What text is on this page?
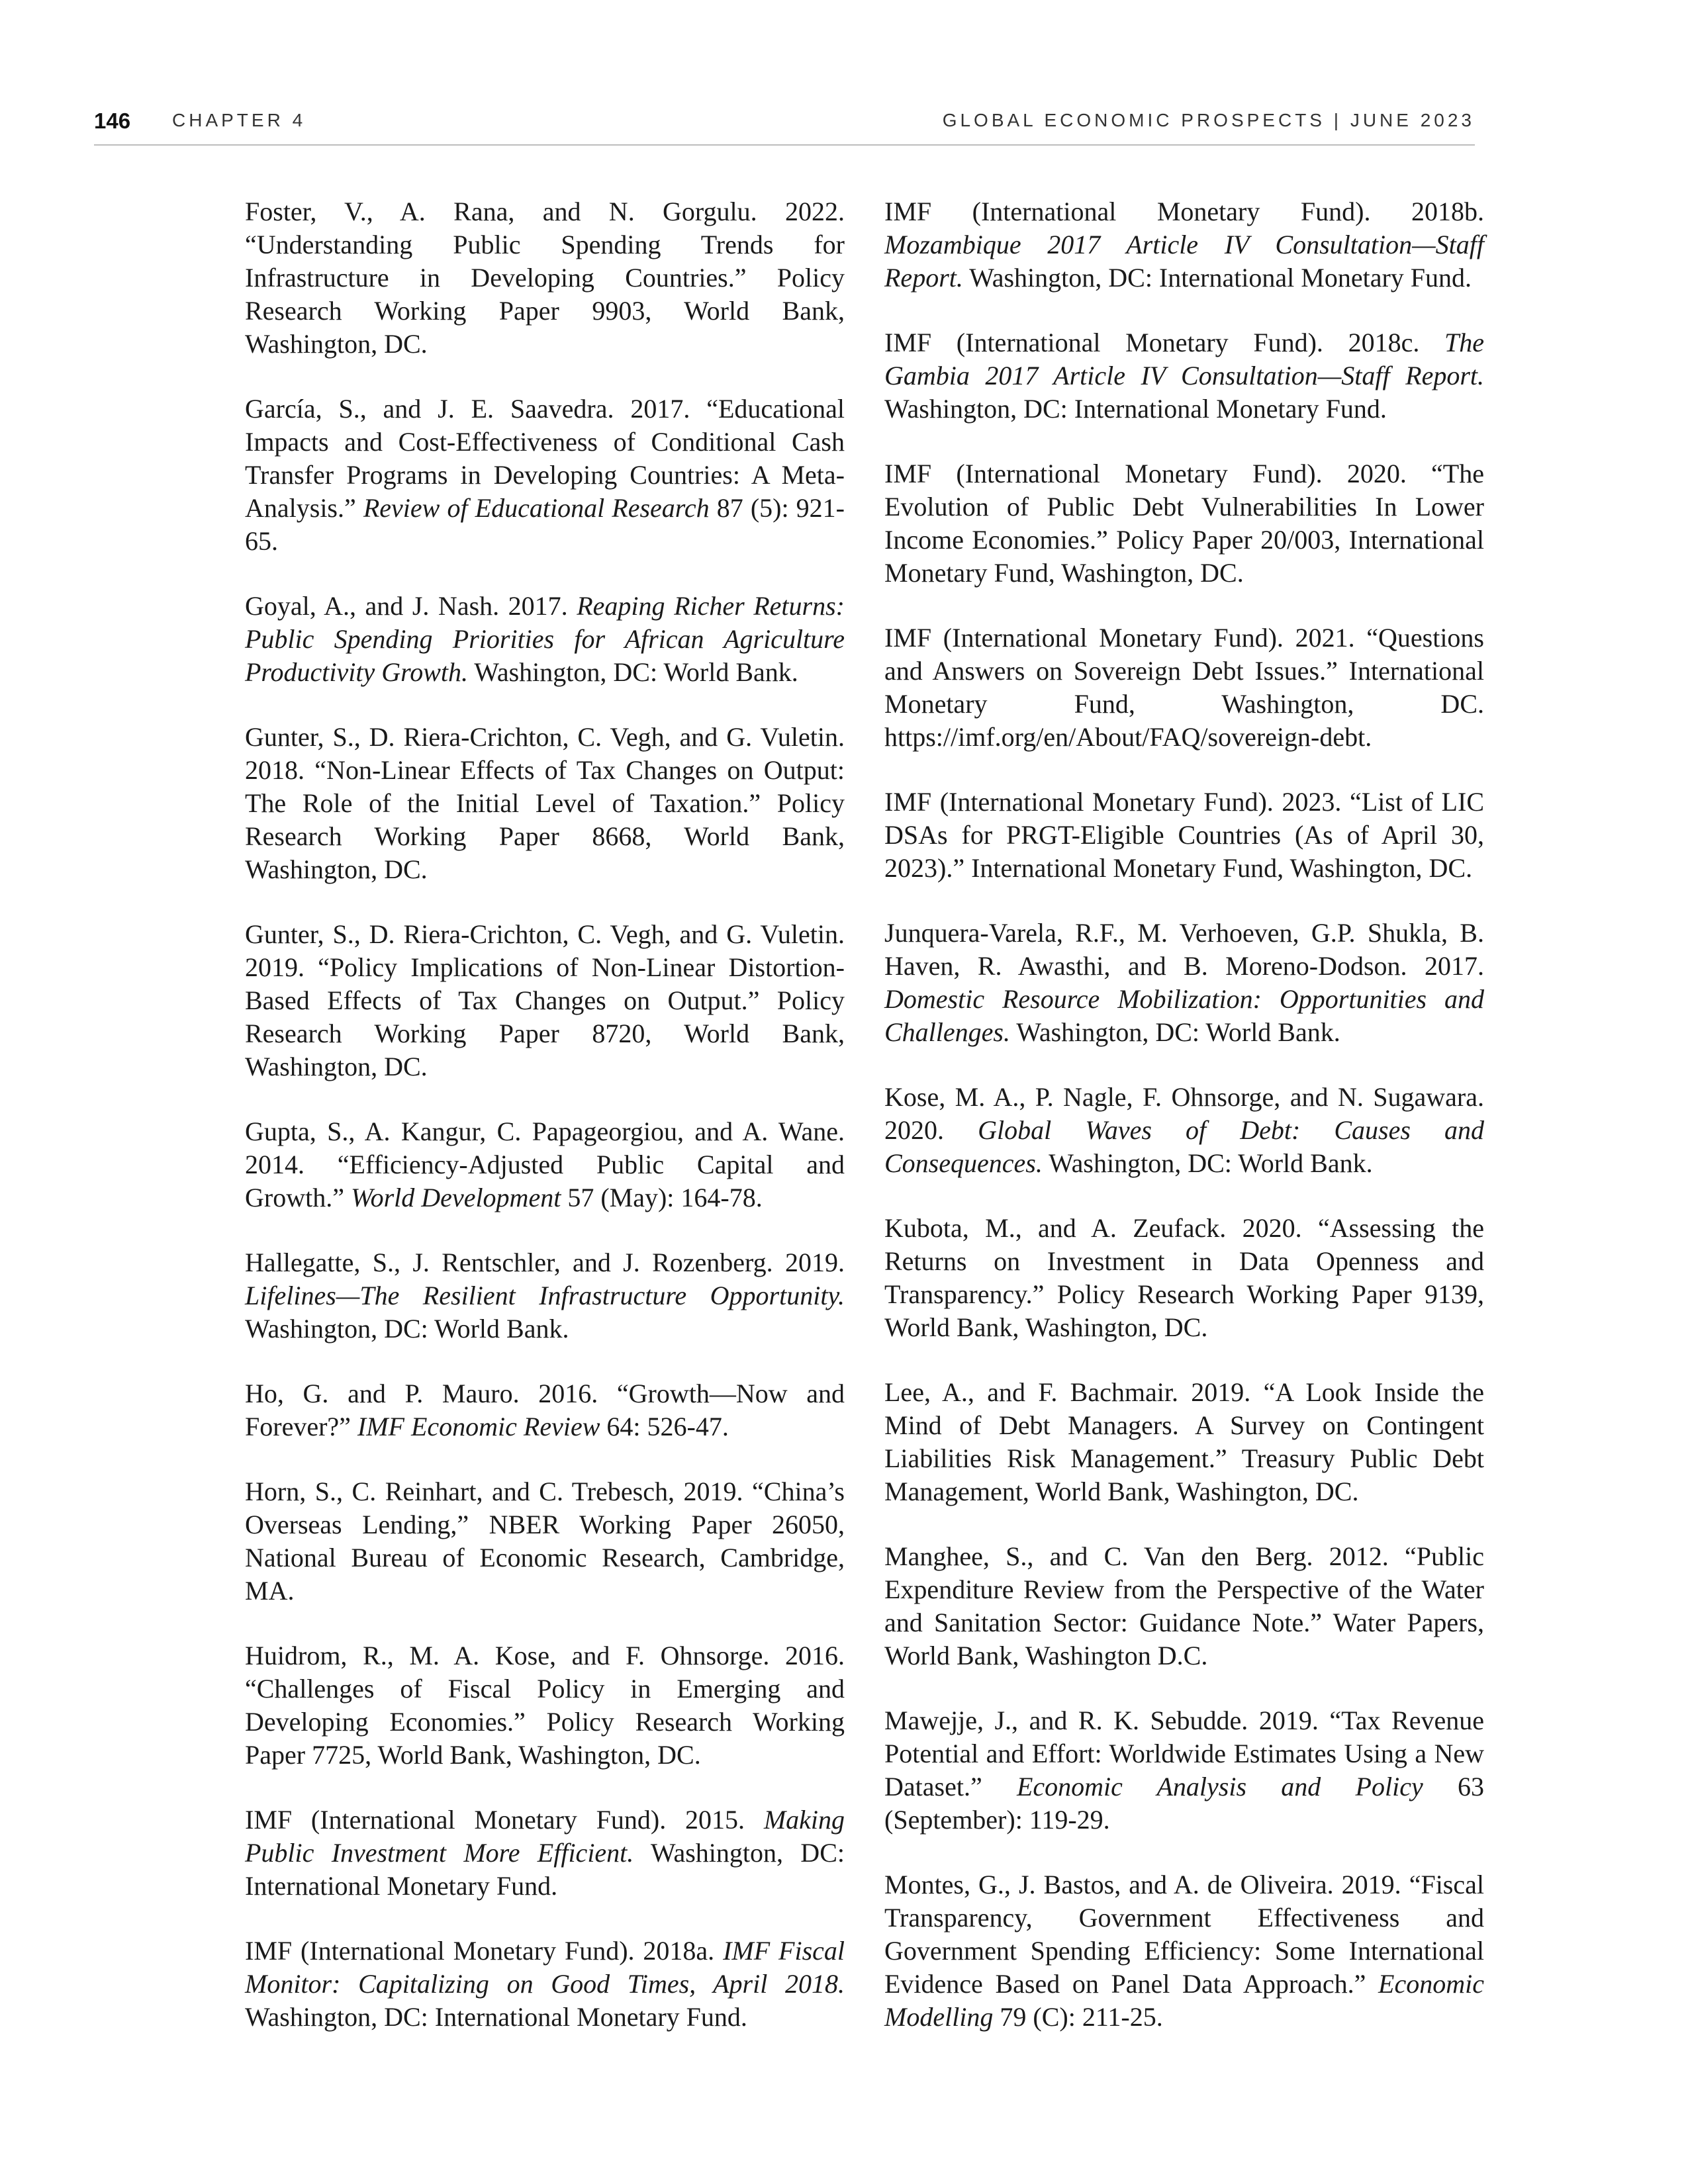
146 CHAPTER 4	GLOBAL ECONOMIC PROSPECTS | JUNE 2023

Foster, V., A. Rana, and N. Gorgulu. 2022. “Understanding Public Spending Trends for Infrastructure in Developing Countries.” Policy Research Working Paper 9903, World Bank, Washington, DC.

García, S., and J. E. Saavedra. 2017. “Educational Impacts and Cost-Effectiveness of Conditional Cash Transfer Programs in Developing Countries: A Meta-Analysis.” Review of Educational Research 87 (5): 921-65.

Goyal, A., and J. Nash. 2017. Reaping Richer Returns: Public Spending Priorities for African Agriculture Productivity Growth. Washington, DC: World Bank.

Gunter, S., D. Riera-Crichton, C. Vegh, and G. Vuletin. 2018. “Non-Linear Effects of Tax Changes on Output: The Role of the Initial Level of Taxation.” Policy Research Working Paper 8668, World Bank, Washington, DC.

Gunter, S., D. Riera-Crichton, C. Vegh, and G. Vuletin. 2019. “Policy Implications of Non-Linear Distortion-Based Effects of Tax Changes on Output.” Policy Research Working Paper 8720, World Bank, Washington, DC.

Gupta, S., A. Kangur, C. Papageorgiou, and A. Wane. 2014. “Efficiency-Adjusted Public Capital and Growth.” World Development 57 (May): 164-78.

Hallegatte, S., J. Rentschler, and J. Rozenberg. 2019. Lifelines—The Resilient Infrastructure Opportunity. Washington, DC: World Bank.

Ho, G. and P. Mauro. 2016. “Growth—Now and Forever?” IMF Economic Review 64: 526-47.

Horn, S., C. Reinhart, and C. Trebesch, 2019. “China’s Overseas Lending,” NBER Working Paper 26050, National Bureau of Economic Research, Cambridge, MA.

Huidrom, R., M. A. Kose, and F. Ohnsorge. 2016. “Challenges of Fiscal Policy in Emerging and Developing Economies.” Policy Research Working Paper 7725, World Bank, Washington, DC.

IMF (International Monetary Fund). 2015. Making Public Investment More Efficient. Washington, DC: International Monetary Fund.

IMF (International Monetary Fund). 2018a. IMF Fiscal Monitor: Capitalizing on Good Times, April 2018. Washington, DC: International Monetary Fund.

IMF (International Monetary Fund). 2018b. Mozambique 2017 Article IV Consultation—Staff Report. Washington, DC: International Monetary Fund.

IMF (International Monetary Fund). 2018c. The Gambia 2017 Article IV Consultation—Staff Report. Washington, DC: International Monetary Fund.

IMF (International Monetary Fund). 2020. “The Evolution of Public Debt Vulnerabilities In Lower Income Economies.” Policy Paper 20/003, International Monetary Fund, Washington, DC.

IMF (International Monetary Fund). 2021. “Questions and Answers on Sovereign Debt Issues.” International Monetary Fund, Washington, DC. https://imf.org/en/About/FAQ/sovereign-debt.

IMF (International Monetary Fund). 2023. “List of LIC DSAs for PRGT-Eligible Countries (As of April 30, 2023).” International Monetary Fund, Washington, DC.

Junquera-Varela, R.F., M. Verhoeven, G.P. Shukla, B. Haven, R. Awasthi, and B. Moreno-Dodson. 2017. Domestic Resource Mobilization: Opportunities and Challenges. Washington, DC: World Bank.

Kose, M. A., P. Nagle, F. Ohnsorge, and N. Sugawara. 2020. Global Waves of Debt: Causes and Consequences. Washington, DC: World Bank.

Kubota, M., and A. Zeufack. 2020. “Assessing the Returns on Investment in Data Openness and Transparency.” Policy Research Working Paper 9139, World Bank, Washington, DC.

Lee, A., and F. Bachmair. 2019. “A Look Inside the Mind of Debt Managers. A Survey on Contingent Liabilities Risk Management.” Treasury Public Debt Management, World Bank, Washington, DC.

Manghee, S., and C. Van den Berg. 2012. “Public Expenditure Review from the Perspective of the Water and Sanitation Sector: Guidance Note.” Water Papers, World Bank, Washington D.C.

Mawejje, J., and R. K. Sebudde. 2019. “Tax Revenue Potential and Effort: Worldwide Estimates Using a New Dataset.” Economic Analysis and Policy 63 (September): 119-29.

Montes, G., J. Bastos, and A. de Oliveira. 2019. “Fiscal Transparency, Government Effectiveness and Government Spending Efficiency: Some International Evidence Based on Panel Data Approach.” Economic Modelling 79 (C): 211-25.
